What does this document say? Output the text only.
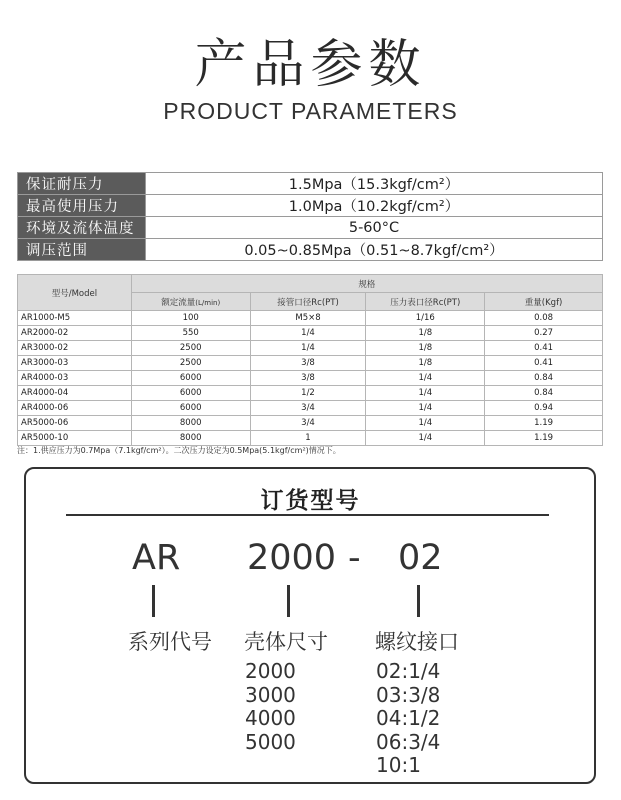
产品参数
PRODUCT PARAMETERS
保证耐压力	1.5Mpa（15.3kgf/cm²）
最高使用压力	1.0Mpa（10.2kgf/cm²）
环境及流体温度	5-60°C
调压范围	0.05~0.85Mpa（0.51~8.7kgf/cm²）
型号/Model	规格			
	额定流量(L/min)	接管口径Rc(PT)	压力表口径Rc(PT)	重量(Kgf)
AR1000-M5	100	M5×8	1/16	0.08
AR2000-02	550	1/4	1/8	0.27
AR3000-02	2500	1/4	1/8	0.41
AR3000-03	2500	3/8	1/8	0.41
AR4000-03	6000	3/8	1/4	0.84
AR4000-04	6000	1/2	1/4	0.84
AR4000-06	6000	3/4	1/4	0.94
AR5000-06	8000	3/4	1/4	1.19
AR5000-10	8000	1	1/4	1.19
注：1.供应压力为0.7Mpa（7.1kgf/cm²）。二次压力设定为0.5Mpa(5.1kgf/cm²)情况下。
订货型号
AR 2000 - 02
系列代号 壳体尺寸 螺纹接口
2000
3000
4000
5000
02:1/4
03:3/8
04:1/2
06:3/4
10:1
